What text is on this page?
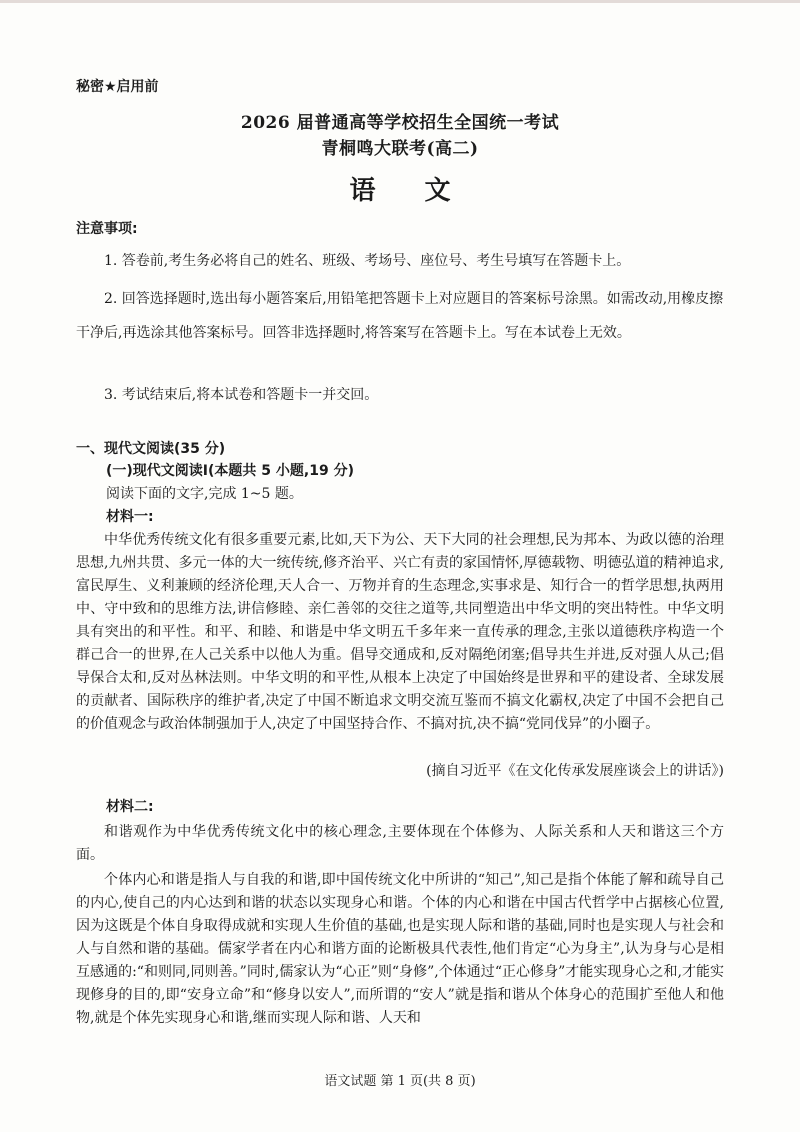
秘密★启用前
2026 届普通高等学校招生全国统一考试
青桐鸣大联考(高二)
语 文
注意事项:

1. 答卷前,考生务必将自己的姓名、班级、考场号、座位号、考生号填写在答题卡上。

2. 回答选择题时,选出每小题答案后,用铅笔把答题卡上对应题目的答案标号涂黑。如需改动,用橡皮擦干净后,再选涂其他答案标号。回答非选择题时,将答案写在答题卡上。写在本试卷上无效。

3. 考试结束后,将本试卷和答题卡一并交回。

一、现代文阅读(35 分)
(一)现代文阅读Ⅰ(本题共 5 小题,19 分)
阅读下面的文字,完成 1~5 题。
材料一:

中华优秀传统文化有很多重要元素,比如,天下为公、天下大同的社会理想,民为邦本、为政以德的治理思想,九州共贯、多元一体的大一统传统,修齐治平、兴亡有责的家国情怀,厚德载物、明德弘道的精神追求,富民厚生、义利兼顾的经济伦理,天人合一、万物并育的生态理念,实事求是、知行合一的哲学思想,执两用中、守中致和的思维方法,讲信修睦、亲仁善邻的交往之道等,共同塑造出中华文明的突出特性。中华文明具有突出的和平性。和平、和睦、和谐是中华文明五千多年来一直传承的理念,主张以道德秩序构造一个群己合一的世界,在人己关系中以他人为重。倡导交通成和,反对隔绝闭塞;倡导共生并进,反对强人从己;倡导保合太和,反对丛林法则。中华文明的和平性,从根本上决定了中国始终是世界和平的建设者、全球发展的贡献者、国际秩序的维护者,决定了中国不断追求文明交流互鉴而不搞文化霸权,决定了中国不会把自己的价值观念与政治体制强加于人,决定了中国坚持合作、不搞对抗,决不搞“党同伐异”的小圈子。

(摘自习近平《在文化传承发展座谈会上的讲话》)
材料二:

和谐观作为中华优秀传统文化中的核心理念,主要体现在个体修为、人际关系和人天和谐这三个方面。

个体内心和谐是指人与自我的和谐,即中国传统文化中所讲的“知己”,知己是指个体能了解和疏导自己的内心,使自己的内心达到和谐的状态以实现身心和谐。个体的内心和谐在中国古代哲学中占据核心位置,因为这既是个体自身取得成就和实现人生价值的基础,也是实现人际和谐的基础,同时也是实现人与社会和人与自然和谐的基础。儒家学者在内心和谐方面的论断极具代表性,他们肯定“心为身主”,认为身与心是相互感通的:“和则同,同则善。”同时,儒家认为“心正”则“身修”,个体通过“正心修身”才能实现身心之和,才能实现修身的目的,即“安身立命”和“修身以安人”,而所谓的“安人”就是指和谐从个体身心的范围扩至他人和他物,就是个体先实现身心和谐,继而实现人际和谐、人天和

语文试题 第 1 页(共 8 页)
